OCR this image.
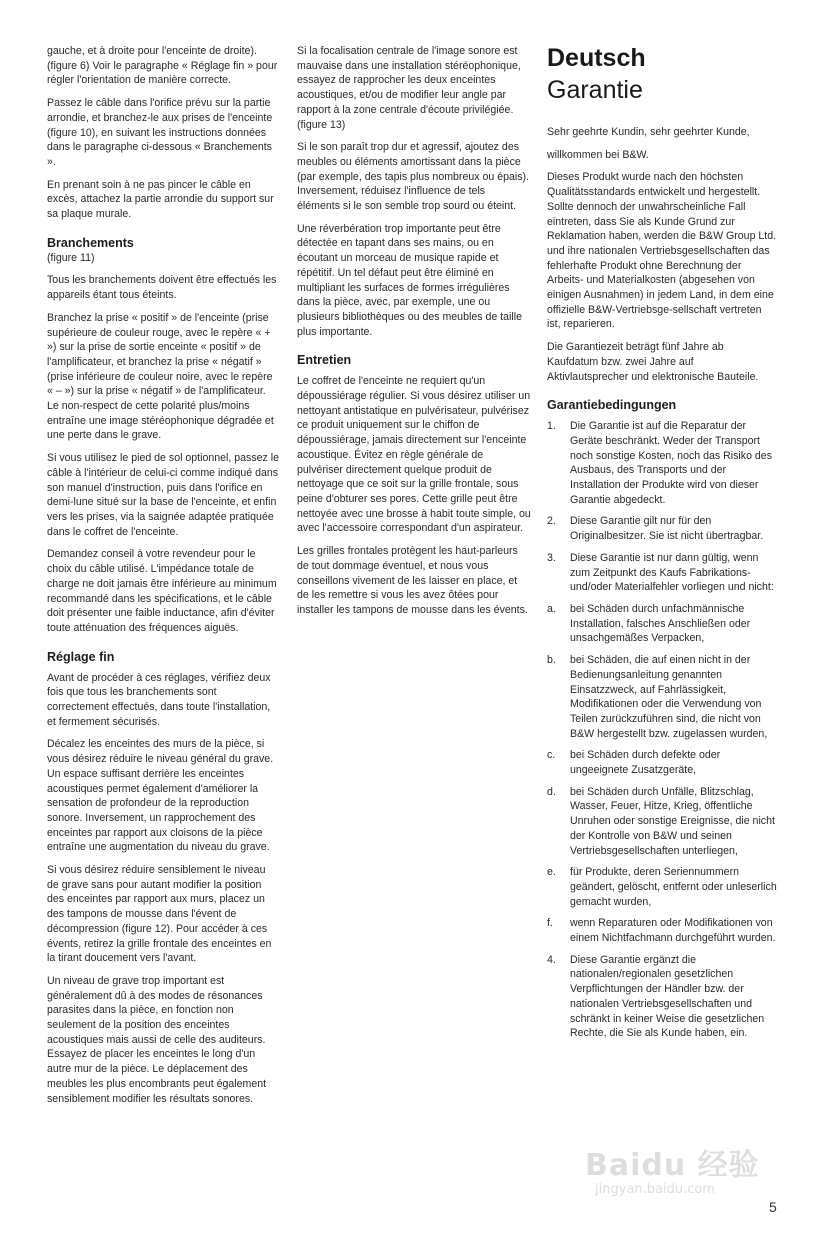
gauche, et à droite pour l'enceinte de droite). (figure 6) Voir le paragraphe « Réglage fin » pour régler l'orientation de manière correcte.

Passez le câble dans l'orifice prévu sur la partie arrondie, et branchez-le aux prises de l'enceinte (figure 10), en suivant les instructions données dans le paragraphe ci-dessous « Branchements ».

En prenant soin à ne pas pincer le câble en excès, attachez la partie arrondie du support sur sa plaque murale.

Branchements

(figure 11)

Tous les branchements doivent être effectués les appareils étant tous éteints.

Branchez la prise « positif » de l'enceinte (prise supérieure de couleur rouge, avec le repère « + ») sur la prise de sortie enceinte « positif » de l'amplificateur, et branchez la prise « négatif » (prise inférieure de couleur noire, avec le repère « – ») sur la prise « négatif » de l'amplificateur. Le non-respect de cette polarité plus/moins entraîne une image stéréophonique dégradée et une perte dans le grave.

Si vous utilisez le pied de sol optionnel, passez le câble à l'intérieur de celui-ci comme indiqué dans son manuel d'instruction, puis dans l'orifice en demi-lune situé sur la base de l'enceinte, et enfin vers les prises, via la saignée adaptée pratiquée dans le coffret de l'enceinte.

Demandez conseil à votre revendeur pour le choix du câble utilisé. L'impédance totale de charge ne doit jamais être inférieure au minimum recommandé dans les spécifications, et le câble doit présenter une faible inductance, afin d'éviter toute atténuation des fréquences aiguës.

Réglage fin

Avant de procéder à ces réglages, vérifiez deux fois que tous les branchements sont correctement effectués, dans toute l'installation, et fermement sécurisés.

Décalez les enceintes des murs de la pièce, si vous désirez réduire le niveau général du grave. Un espace suffisant derrière les enceintes acoustiques permet également d'améliorer la sensation de profondeur de la reproduction sonore. Inversement, un rapprochement des enceintes par rapport aux cloisons de la pièce entraîne une augmentation du niveau du grave.

Si vous désirez réduire sensiblement le niveau de grave sans pour autant modifier la position des enceintes par rapport aux murs, placez un des tampons de mousse dans l'évent de décompression (figure 12). Pour accéder à ces évents, retirez la grille frontale des enceintes en la tirant doucement vers l'avant.

Un niveau de grave trop important est généralement dû à des modes de résonances parasites dans la pièce, en fonction non seulement de la position des enceintes acoustiques mais aussi de celle des auditeurs. Essayez de placer les enceintes le long d'un autre mur de la pièce. Le déplacement des meubles les plus encombrants peut également sensiblement modifier les résultats sonores.

Si la focalisation centrale de l'image sonore est mauvaise dans une installation stéréophonique, essayez de rapprocher les deux enceintes acoustiques, et/ou de modifier leur angle par rapport à la zone centrale d'écoute privilégiée. (figure 13)

Si le son paraît trop dur et agressif, ajoutez des meubles ou éléments amortissant dans la pièce (par exemple, des tapis plus nombreux ou épais). Inversement, réduisez l'influence de tels éléments si le son semble trop sourd ou éteint.

Une réverbération trop importante peut être détectée en tapant dans ses mains, ou en écoutant un morceau de musique rapide et répétitif. Un tel défaut peut être éliminé en multipliant les surfaces de formes irrégulières dans la pièce, avec, par exemple, une ou plusieurs bibliothèques ou des meubles de taille plus importante.

Entretien

Le coffret de l'enceinte ne requiert qu'un dépoussiérage régulier. Si vous désirez utiliser un nettoyant antistatique en pulvérisateur, pulvérisez ce produit uniquement sur le chiffon de dépoussiérage, jamais directement sur l'enceinte acoustique. Évitez en règle générale de pulvériser directement quelque produit de nettoyage que ce soit sur la grille frontale, sous peine d'obturer ses pores. Cette grille peut être nettoyée avec une brosse à habit toute simple, ou avec l'accessoire correspondant d'un aspirateur.

Les grilles frontales protègent les haut-parleurs de tout dommage éventuel, et nous vous conseillons vivement de les laisser en place, et de les remettre si vous les avez ôtées pour installer les tampons de mousse dans les évents.

Deutsch
Garantie

Sehr geehrte Kundin, sehr geehrter Kunde,

willkommen bei B&W.

Dieses Produkt wurde nach den höchsten Qualitätsstandards entwickelt und hergestellt. Sollte dennoch der unwahrscheinliche Fall eintreten, dass Sie als Kunde Grund zur Reklamation haben, werden die B&W Group Ltd. und ihre nationalen Vertriebsgesellschaften das fehlerhafte Produkt ohne Berechnung der Arbeits- und Materialkosten (abgesehen von einigen Ausnahmen) in jedem Land, in dem eine offizielle B&W-Vertriebsge-sellschaft vertreten ist, reparieren.

Die Garantiezeit beträgt fünf Jahre ab Kaufdatum bzw. zwei Jahre auf Aktivlautsprecher und elektronische Bauteile.

Garantiebedingungen
1. Die Garantie ist auf die Reparatur der Geräte beschränkt. Weder der Transport noch sonstige Kosten, noch das Risiko des Ausbaus, des Transports und der Installation der Produkte wird von dieser Garantie abgedeckt.
2. Diese Garantie gilt nur für den Originalbesitzer. Sie ist nicht übertragbar.
3. Diese Garantie ist nur dann gültig, wenn zum Zeitpunkt des Kaufs Fabrikations- und/oder Materialfehler vorliegen und nicht:
a. bei Schäden durch unfachmännische Installation, falsches Anschließen oder unsachgemäßes Verpacken,
b. bei Schäden, die auf einen nicht in der Bedienungsanleitung genannten Einsatzzweck, auf Fahrlässigkeit, Modifikationen oder die Verwendung von Teilen zurückzuführen sind, die nicht von B&W hergestellt bzw. zugelassen wurden,
c. bei Schäden durch defekte oder ungeeignete Zusatzgeräte,
d. bei Schäden durch Unfälle, Blitzschlag, Wasser, Feuer, Hitze, Krieg, öffentliche Unruhen oder sonstige Ereignisse, die nicht der Kontrolle von B&W und seinen Vertriebsgesellschaften unterliegen,
e. für Produkte, deren Seriennummern geändert, gelöscht, entfernt oder unleserlich gemacht wurden,
f. wenn Reparaturen oder Modifikationen von einem Nichtfachmann durchgeführt wurden.
4. Diese Garantie ergänzt die nationalen/regionalen gesetzlichen Verpflichtungen der Händler bzw. der nationalen Vertriebsgesellschaften und schränkt in keiner Weise die gesetzlichen Rechte, die Sie als Kunde haben, ein.
Baidu 经验
jingyan.baidu.com
5
